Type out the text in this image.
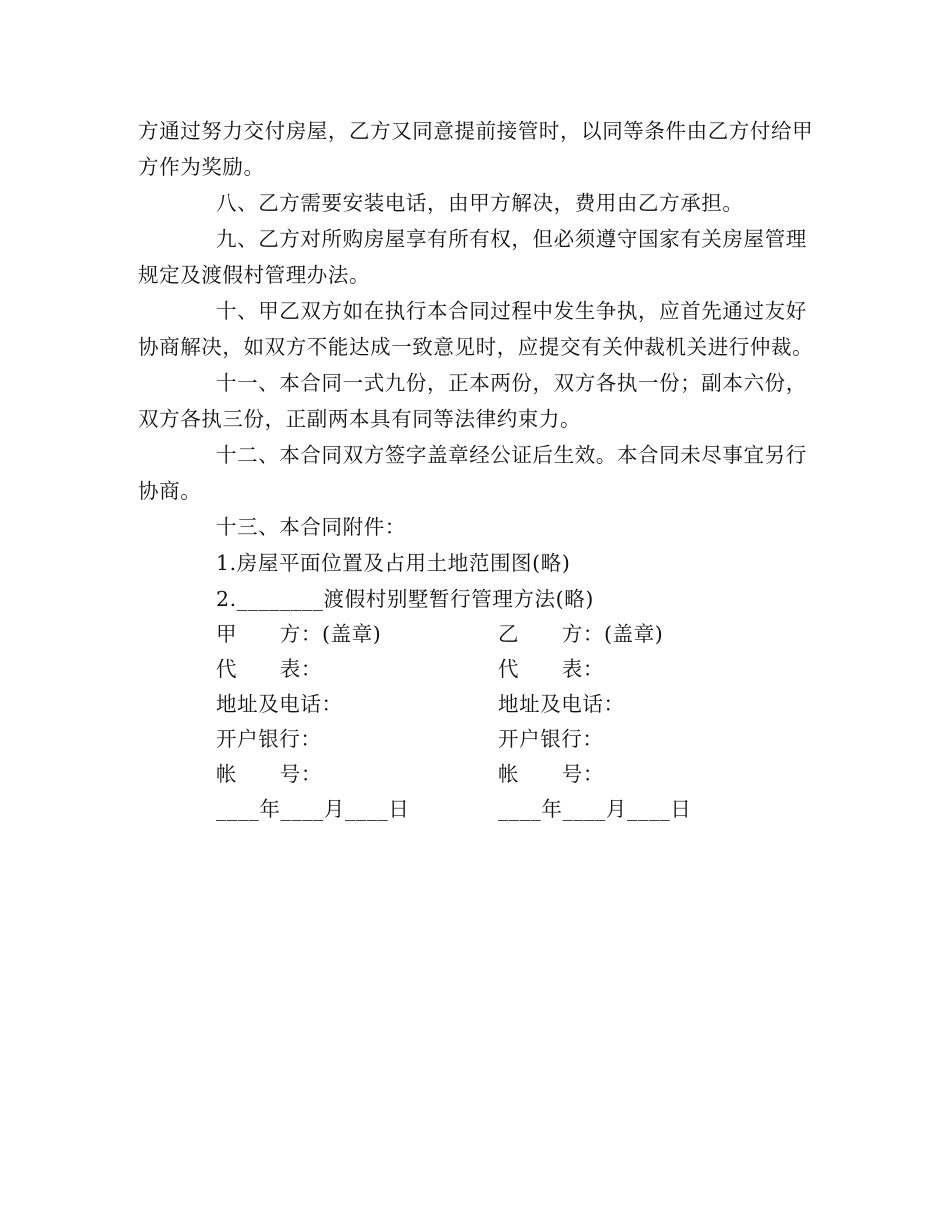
方通过努力交付房屋，乙方又同意提前接管时，以同等条件由乙方付给甲方作为奖励。

八、乙方需要安装电话，由甲方解决，费用由乙方承担。

九、乙方对所购房屋享有所有权，但必须遵守国家有关房屋管理规定及渡假村管理办法。

十、甲乙双方如在执行本合同过程中发生争执，应首先通过友好协商解决，如双方不能达成一致意见时，应提交有关仲裁机关进行仲裁。

十一、本合同一式九份，正本两份，双方各执一份；副本六份，双方各执三份，正副两本具有同等法律约束力。

十二、本合同双方签字盖章经公证后生效。本合同未尽事宜另行协商。

十三、本合同附件：

1.房屋平面位置及占用土地范围图(略)

2.________渡假村别墅暂行管理方法(略)

甲      方：(盖章)	乙      方：(盖章)
代      表：	代      表：
地址及电话：	地址及电话：
开户银行：	开户银行：
帐      号：	帐      号：
____年____月____日	____年____月____日
